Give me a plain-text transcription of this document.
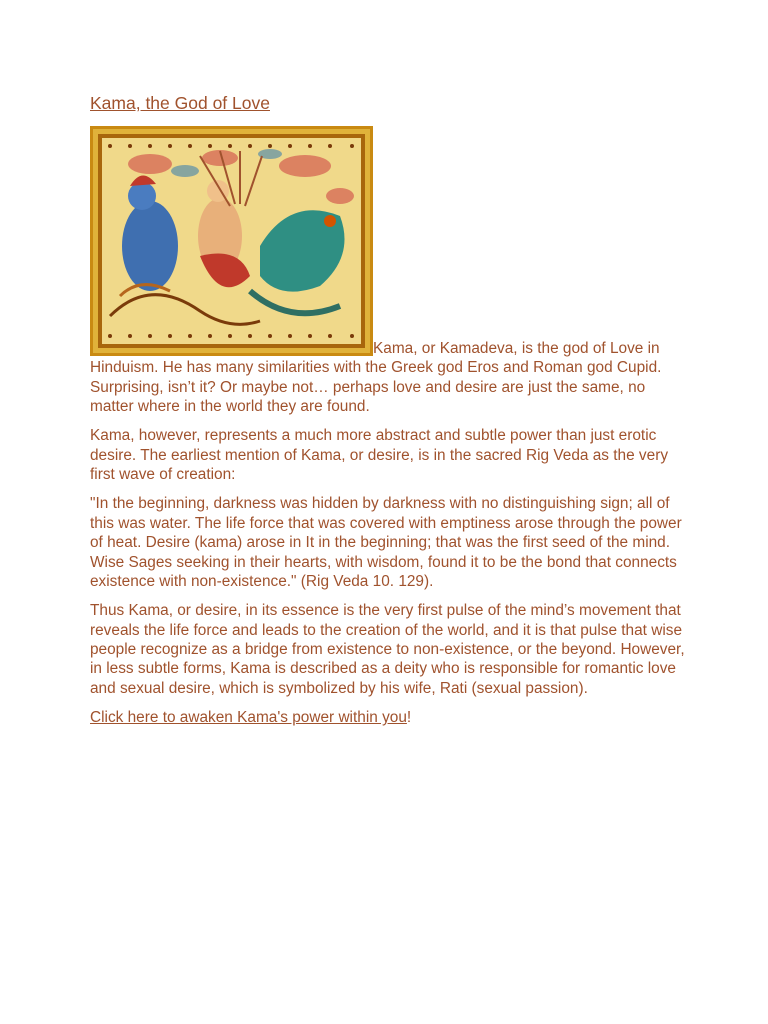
Kama, the God of Love
Kama, or Kamadeva, is the god of Love in Hinduism. He has many similarities with the Greek god Eros and Roman god Cupid. Surprising, isn’t it? Or maybe not… perhaps love and desire are just the same, no matter where in the world they are found.
Kama, however, represents a much more abstract and subtle power than just erotic desire. The earliest mention of Kama, or desire, is in the sacred Rig Veda as the very first wave of creation:
"In the beginning, darkness was hidden by darkness with no distinguishing sign; all of this was water. The life force that was covered with emptiness arose through the power of heat. Desire (kama) arose in It in the beginning; that was the first seed of the mind. Wise Sages seeking in their hearts, with wisdom, found it to be the bond that connects existence with non-existence." (Rig Veda 10. 129).
Thus Kama, or desire, in its essence is the very first pulse of the mind’s movement that reveals the life force and leads to the creation of the world, and it is that pulse that wise people recognize as a bridge from existence to non-existence, or the beyond. However, in less subtle forms, Kama is described as a deity who is responsible for romantic love and sexual desire, which is symbolized by his wife, Rati (sexual passion).
Click here to awaken Kama's power within you!
